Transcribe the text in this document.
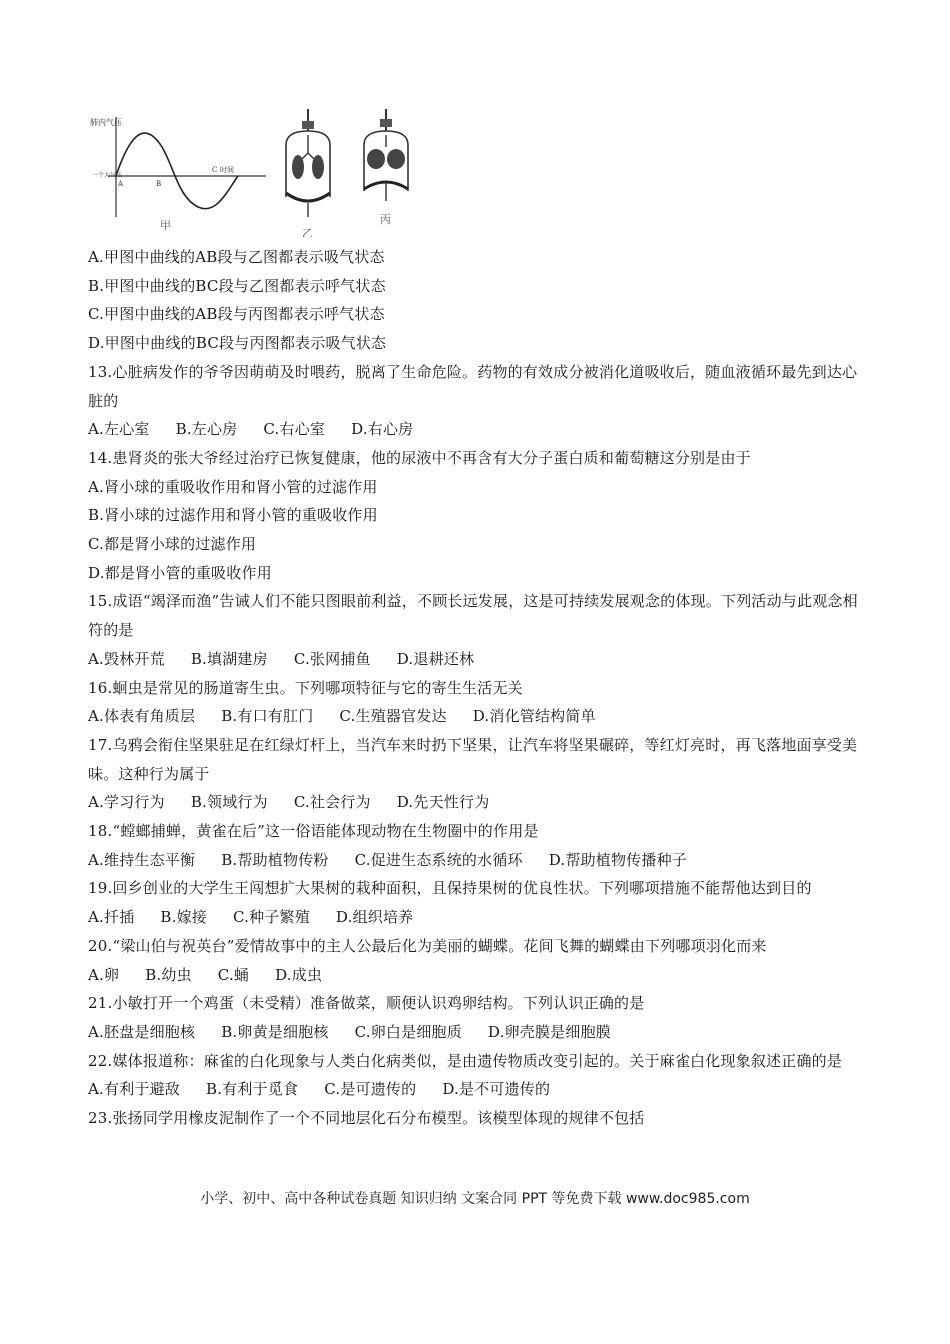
肺内气压
一个大气压
A	B
C 时间
甲
乙
丙
A.甲图中曲线的AB段与乙图都表示吸气状态
B.甲图中曲线的BC段与乙图都表示呼气状态
C.甲图中曲线的AB段与丙图都表示呼气状态
D.甲图中曲线的BC段与丙图都表示吸气状态
13.心脏病发作的爷爷因萌萌及时喂药，脱离了生命危险。药物的有效成分被消化道吸收后，随血液循环最先到达心脏的
A.左心室 B.左心房 C.右心室 D.右心房
14.患肾炎的张大爷经过治疗已恢复健康，他的尿液中不再含有大分子蛋白质和葡萄糖这分别是由于
A.肾小球的重吸收作用和肾小管的过滤作用
B.肾小球的过滤作用和肾小管的重吸收作用
C.都是肾小球的过滤作用
D.都是肾小管的重吸收作用
15.成语“竭泽而渔”告诫人们不能只图眼前利益，不顾长远发展，这是可持续发展观念的体现。下列活动与此观念相符的是
A.毁林开荒 B.填湖建房 C.张网捕鱼 D.退耕还林
16.蛔虫是常见的肠道寄生虫。下列哪项特征与它的寄生生活无关
A.体表有角质层 B.有口有肛门 C.生殖器官发达 D.消化管结构简单
17.乌鸦会衔住坚果驻足在红绿灯杆上，当汽车来时扔下坚果，让汽车将坚果碾碎，等红灯亮时，再飞落地面享受美味。这种行为属于
A.学习行为 B.领域行为 C.社会行为 D.先天性行为
18.“螳螂捕蝉，黄雀在后”这一俗语能体现动物在生物圈中的作用是
A.维持生态平衡 B.帮助植物传粉 C.促进生态系统的水循环 D.帮助植物传播种子
19.回乡创业的大学生王闯想扩大果树的栽种面积，且保持果树的优良性状。下列哪项措施不能帮他达到目的
A.扦插 B.嫁接 C.种子繁殖 D.组织培养
20.“梁山伯与祝英台”爱情故事中的主人公最后化为美丽的蝴蝶。花间飞舞的蝴蝶由下列哪项羽化而来
A.卵 B.幼虫 C.蛹 D.成虫
21.小敏打开一个鸡蛋（未受精）准备做菜，顺便认识鸡卵结构。下列认识正确的是
A.胚盘是细胞核 B.卵黄是细胞核 C.卵白是细胞质 D.卵壳膜是细胞膜
22.媒体报道称：麻雀的白化现象与人类白化病类似，是由遗传物质改变引起的。关于麻雀白化现象叙述正确的是
A.有利于避敌 B.有利于觅食 C.是可遗传的 D.是不可遗传的
23.张扬同学用橡皮泥制作了一个不同地层化石分布模型。该模型体现的规律不包括
小学、初中、高中各种试卷真题 知识归纳 文案合同 PPT 等免费下载 www.doc985.com
